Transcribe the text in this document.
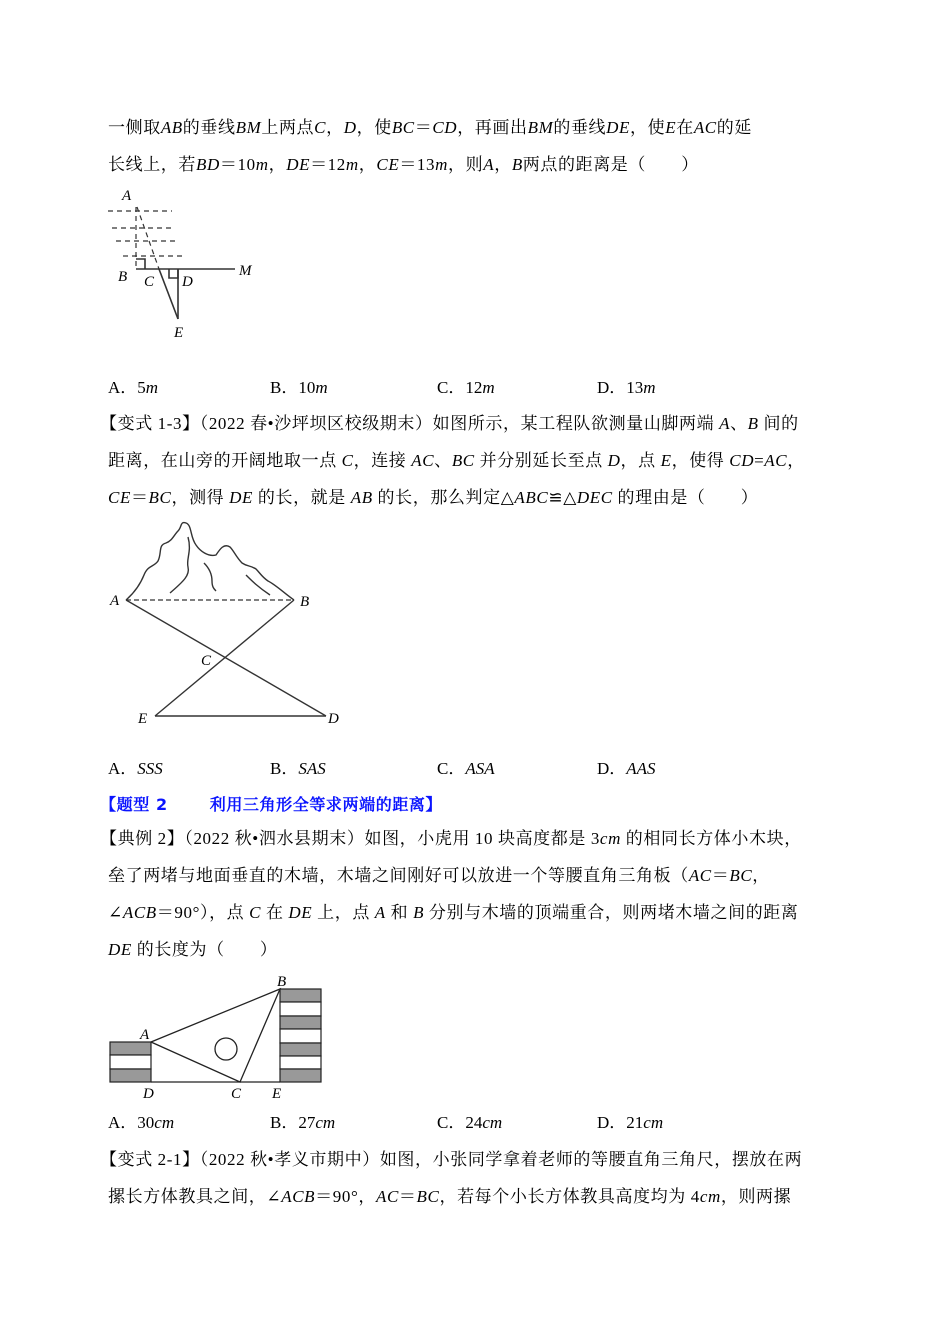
一侧取AB的垂线BM上两点C，D，使BC＝CD，再画出BM的垂线DE，使E在AC的延
长线上，若BD＝10m，DE＝12m，CE＝13m，则A，B两点的距离是（　　）
A
B C D
M
E
A．5m	B．10m	C．12m	D．13m
【变式 1-3】（2022 春•沙坪坝区校级期末）如图所示，某工程队欲测量山脚两端 A、B 间的
距离，在山旁的开阔地取一点 C，连接 AC、BC 并分别延长至点 D，点 E，使得 CD=AC，
CE＝BC，测得 DE 的长，就是 AB 的长，那么判定△ABC≌△DEC 的理由是（　　）
A	B
C
E	D
A．SSS	B．SAS	C．ASA	D．AAS
【题型 2	利用三角形全等求两端的距离】
【典例 2】（2022 秋•泗水县期末）如图，小虎用 10 块高度都是 3cm 的相同长方体小木块，
垒了两堵与地面垂直的木墙，木墙之间刚好可以放进一个等腰直角三角板（AC＝BC，
∠ACB＝90°），点 C 在 DE 上，点 A 和 B 分别与木墙的顶端重合，则两堵木墙之间的距离
DE 的长度为（　　）
A
B
C
D	E
A．30cm	B．27cm	C．24cm	D．21cm
【变式 2-1】（2022 秋•孝义市期中）如图，小张同学拿着老师的等腰直角三角尺，摆放在两
摞长方体教具之间，∠ACB＝90°，AC＝BC，若每个小长方体教具高度均为 4cm，则两摞
